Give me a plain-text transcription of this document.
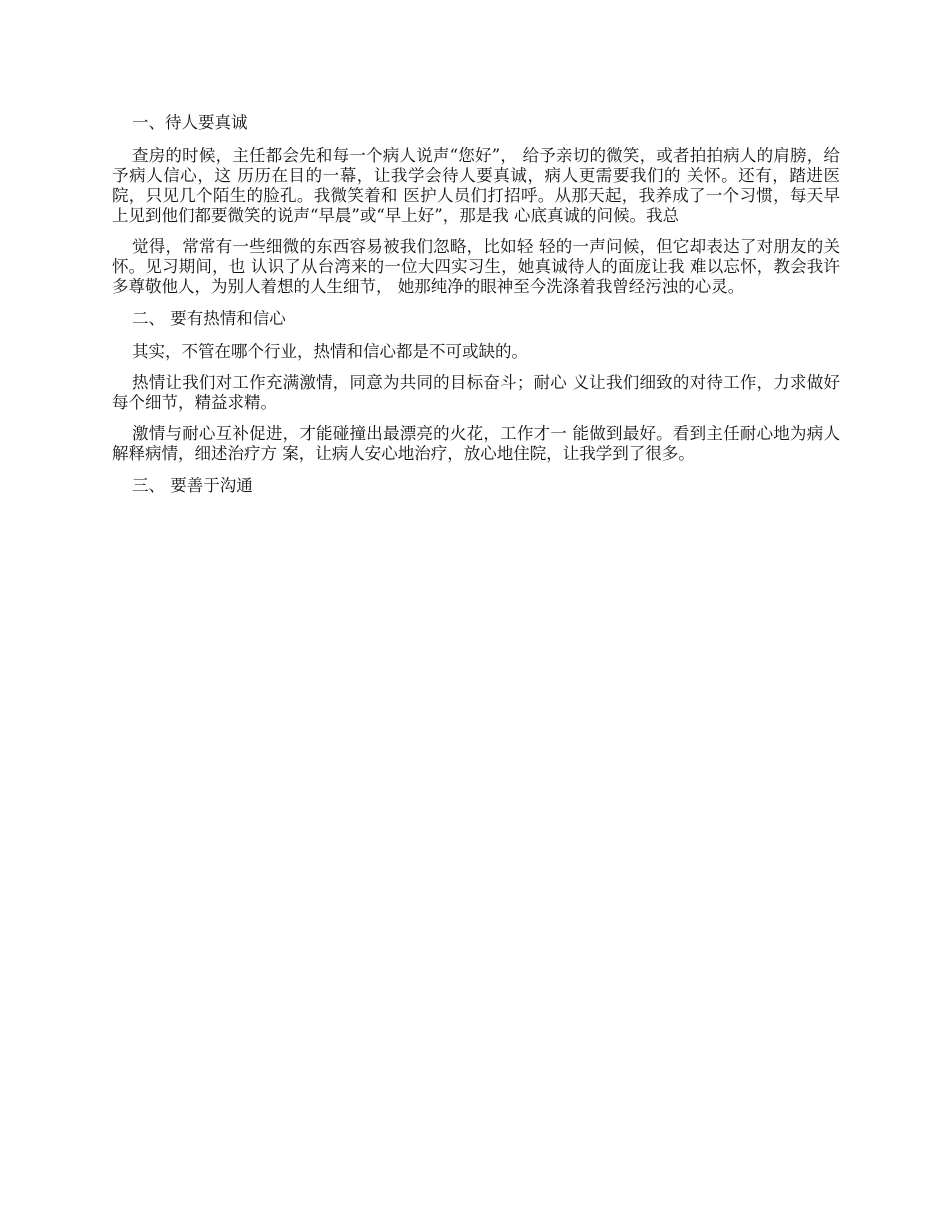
一、待人要真诚

查房的时候，主任都会先和每一个病人说声“您好”， 给予亲切的微笑，或者拍拍病人的肩膀，给予病人信心，这 历历在目的一幕，让我学会待人要真诚，病人更需要我们的 关怀。还有，踏进医院，只见几个陌生的脸孔。我微笑着和 医护人员们打招呼。从那天起，我养成了一个习惯，每天早 上见到他们都要微笑的说声“早晨”或“早上好”，那是我 心底真诚的问候。我总

觉得，常常有一些细微的东西容易被我们忽略，比如轻 轻的一声问候，但它却表达了对朋友的关怀。见习期间，也 认识了从台湾来的一位大四实习生，她真诚待人的面庞让我 难以忘怀，教会我许多尊敬他人，为别人着想的人生细节， 她那纯净的眼神至今洗涤着我曾经污浊的心灵。

二、 要有热情和信心

其实，不管在哪个行业，热情和信心都是不可或缺的。

热情让我们对工作充满激情，同意为共同的目标奋斗；耐心 义让我们细致的对待工作，力求做好每个细节，精益求精。

激情与耐心互补促进，才能碰撞出最漂亮的火花，工作才一 能做到最好。看到主任耐心地为病人解释病情，细述治疗方 案，让病人安心地治疗，放心地住院，让我学到了很多。

三、 要善于沟通
